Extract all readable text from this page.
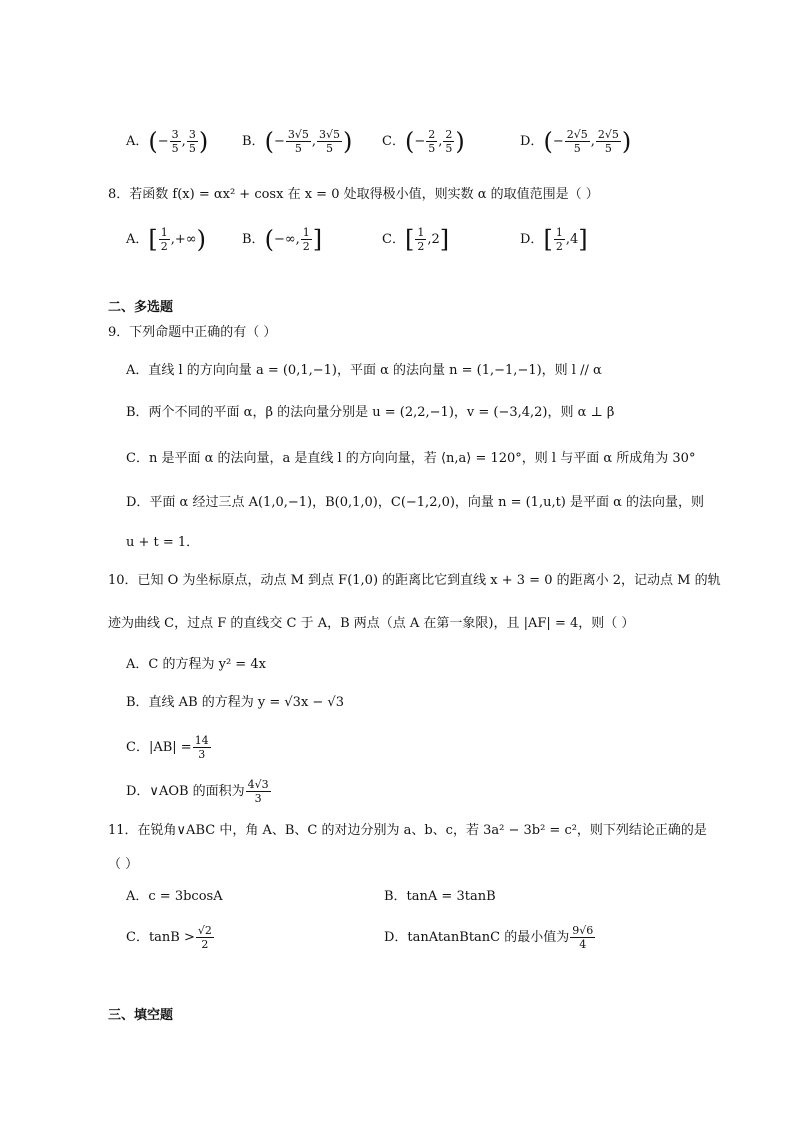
A．(− $\frac{3}{5}$ , $\frac{3}{5}$ )	B．(− $\frac{3√5}{5}$ , $\frac{3√5}{5}$ ) C．(− $\frac{2}{5}$ , $\frac{2}{5}$ )	D．(− $\frac{2√5}{5}$ , $\frac{2√5}{5}$ )
8．若函数 f(x) = αx² + cosx 在 x = 0 处取得极小值，则实数 α 的取值范围是（ ）
A．[ $\frac{1}{2}$ ,+∞)	B．(−∞, $\frac{1}{2}$ ]	C．[ $\frac{1}{2} ,2$]	D．[ $\frac{1}{2} ,4$]
二、多选题
9．下列命题中正确的有（ ）
A．直线 l 的方向向量 a = (0,1,−1)，平面 α 的法向量 n = (1,−1,−1)，则 l // α
B．两个不同的平面 α，β 的法向量分别是 u = (2,2,−1)，v = (−3,4,2)，则 α ⊥ β
C．n 是平面 α 的法向量，a 是直线 l 的方向向量，若 ⟨n,a⟩ = 120°，则 l 与平面 α 所成角为 30°
D．平面 α 经过三点 A(1,0,−1)，B(0,1,0)，C(−1,2,0)，向量 n = (1,u,t) 是平面 α 的法向量，则
u + t = 1．
10．已知 O 为坐标原点，动点 M 到点 F(1,0) 的距离比它到直线 x + 3 = 0 的距离小 2，记动点 M 的轨
迹为曲线 C，过点 F 的直线交 C 于 A，B 两点（点 A 在第一象限)，且 |AF| = 4，则（ ）
A．C 的方程为 y² = 4x
B．直线 AB 的方程为 y = √3x − √3
C．$|AB| = \frac{14}{3}$
D．∨AOB 的面积为 $\frac{4√3}{3}$
11．在锐角∨ABC 中，角 A、B、C 的对边分别为 a、b、c，若 3a² − 3b² = c²，则下列结论正确的是
（ ）
A．c = 3bcosA	B．tanA = 3tanB
C．$\tan B > \frac{√2}{2}$	D．tanAtanBtanC 的最小值为 $\frac{9√6}{4}$
三、填空题
